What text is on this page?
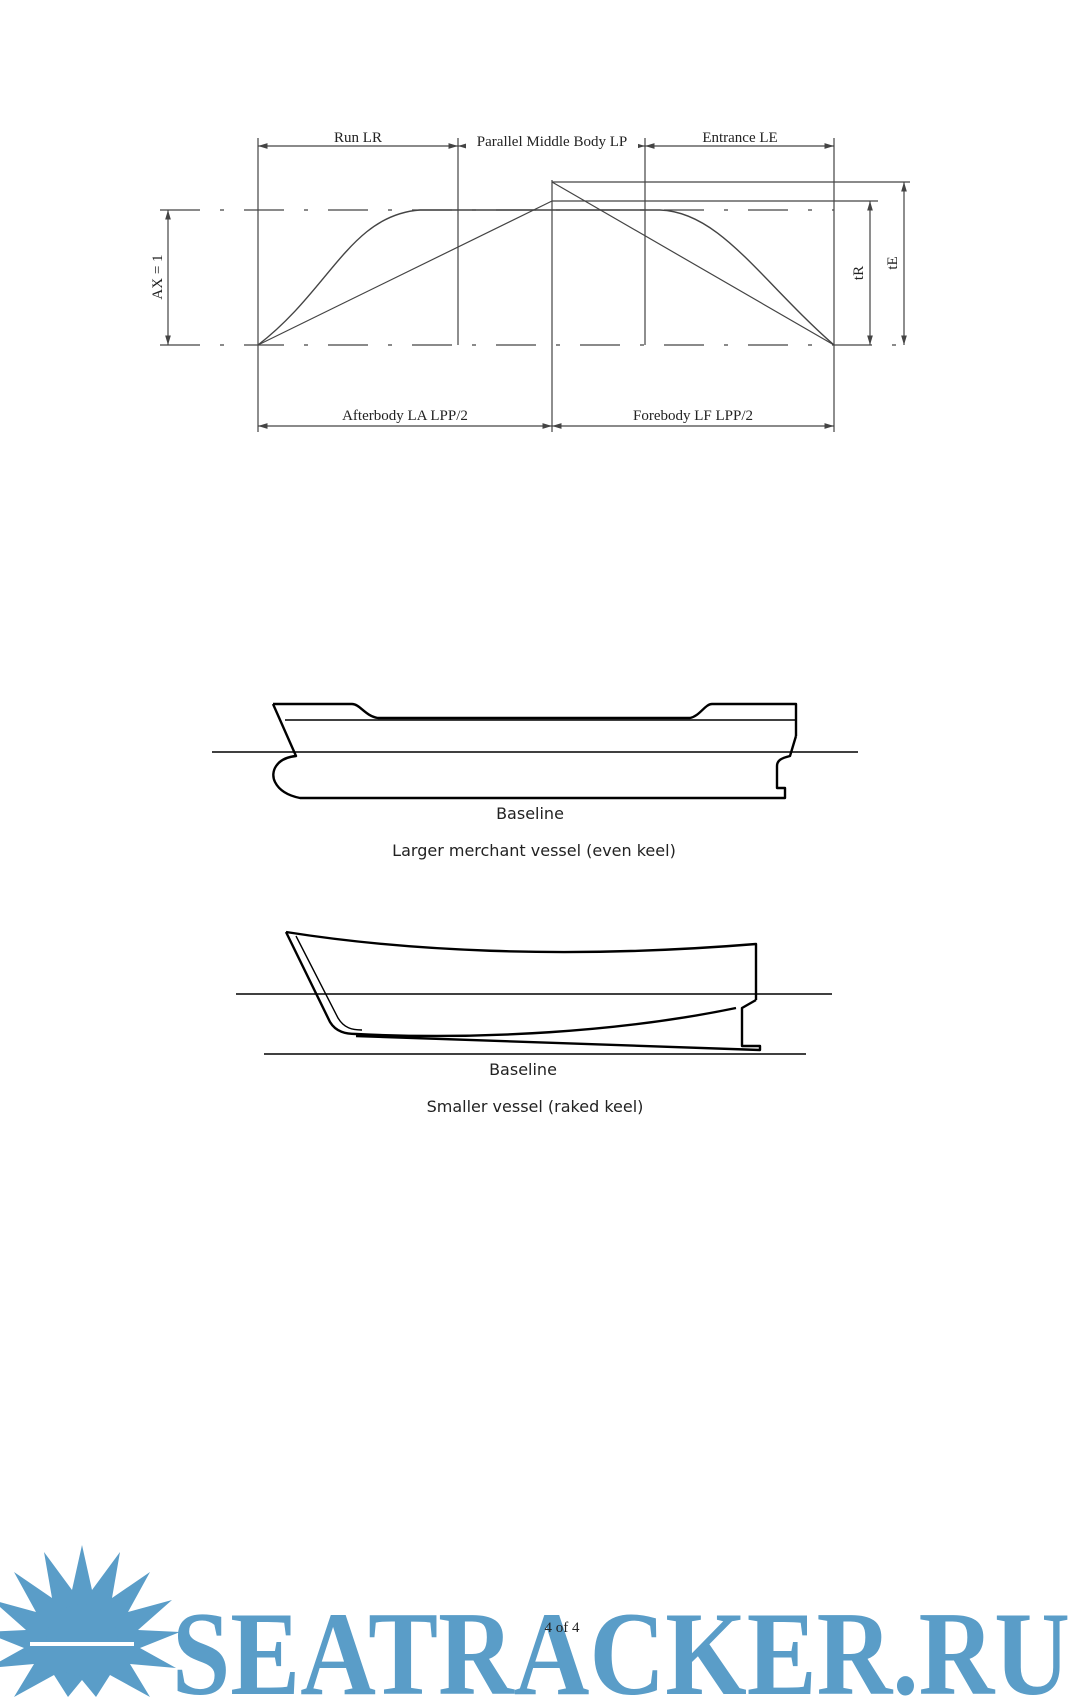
Run LR	Parallel Middle Body LP	Entrance LE
AX = 1	tR
tE
Afterbody LA LPP/2	Forebody LF LPP/2
Baseline
Larger merchant vessel (even keel)
Baseline
Smaller vessel (raked keel)
SEATRACKER.RU
4 of 4
